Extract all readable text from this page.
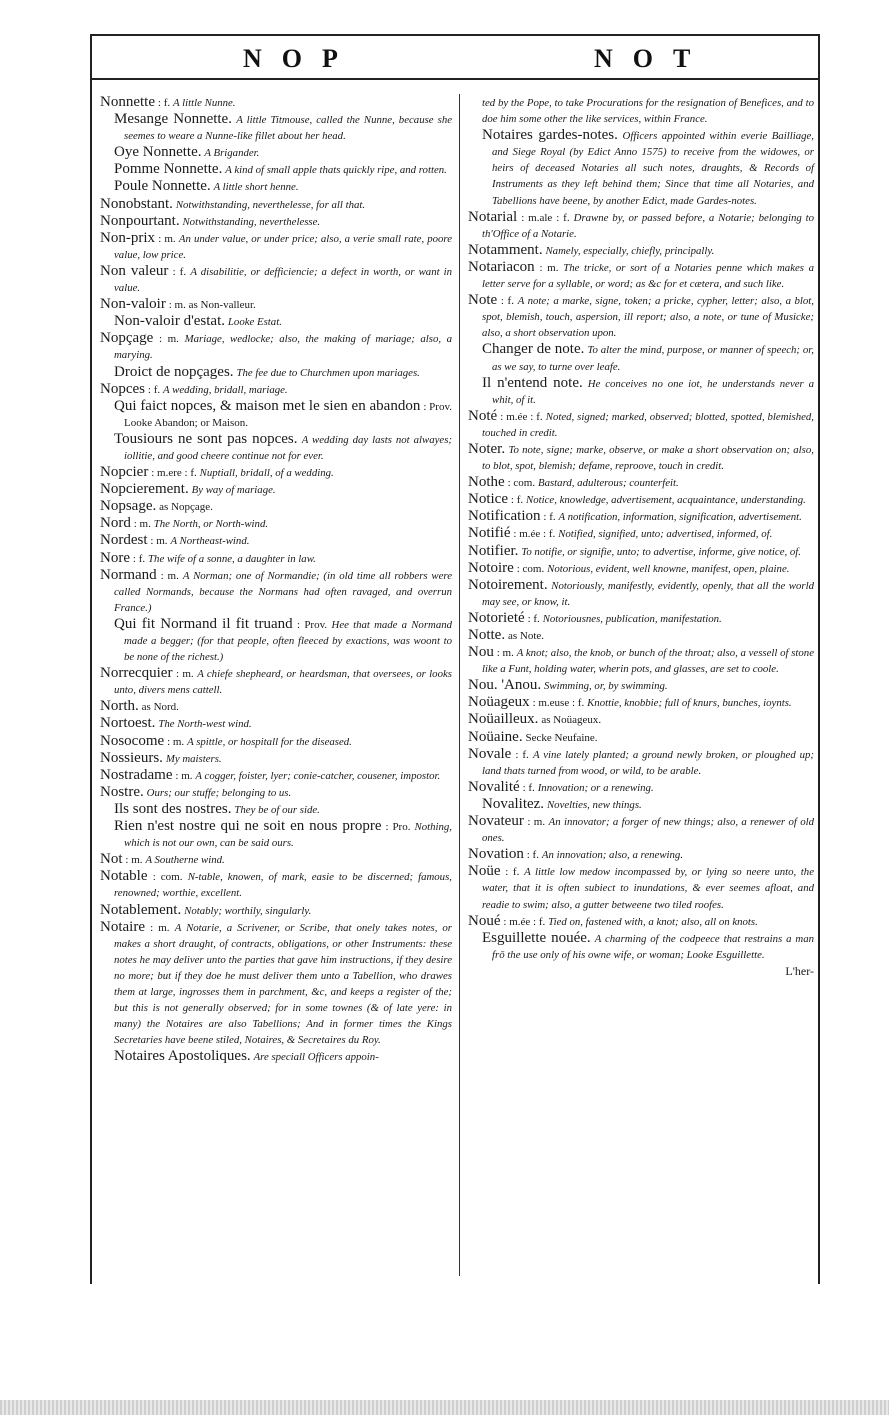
NOP	NOT

Nonnette : f. A little Nunne.

Mesange Nonnette. A little Titmouse, called the Nunne, because she seemes to weare a Nunne-like fillet about her head.

Oye Nonnette. A Brigander.

Pomme Nonnette. A kind of small apple thats quickly ripe, and rotten.

Poule Nonnette. A little short henne.

Nonobstant. Notwithstanding, neverthelesse, for all that.

Nonpourtant. Notwithstanding, neverthelesse.

Non-prix : m. An under value, or under price; also, a verie small rate, poore value, low price.

Non valeur : f. A disabilitie, or defficiencie; a defect in worth, or want in value.

Non-valoir : m. as Non-valleur.

Non-valoir d'estat. Looke Estat.

Nopçage : m. Mariage, wedlocke; also, the making of mariage; also, a marying.

Droict de nopçages. The fee due to Churchmen upon mariages.

Nopces : f. A wedding, bridall, mariage.

Qui faict nopces, & maison met le sien en abandon : Prov. Looke Abandon; or Maison.

Tousiours ne sont pas nopces. A wedding day lasts not alwayes; iollitie, and good cheere continue not for ever.

Nopcier : m.ere : f. Nuptiall, bridall, of a wedding.

Nopcierement. By way of mariage.

Nopsage. as Nopçage.

Nord : m. The North, or North-wind.

Nordest : m. A Northeast-wind.

Nore : f. The wife of a sonne, a daughter in law.

Normand : m. A Norman; one of Normandie; (in old time all robbers were called Normands, because the Normans had often ravaged, and overrun France.)

Qui fit Normand il fit truand : Prov. Hee that made a Normand made a begger; (for that people, often fleeced by exactions, was woont to be none of the richest.)

Norrecquier : m. A chiefe shepheard, or heardsman, that oversees, or looks unto, divers mens cattell.

North. as Nord.

Nortoest. The North-west wind.

Nosocome : m. A spittle, or hospitall for the diseased.

Nossieurs. My maisters.

Nostradame : m. A cogger, foister, lyer; conie-catcher, cousener, impostor.

Nostre. Ours; our stuffe; belonging to us.

Ils sont des nostres. They be of our side.

Rien n'est nostre qui ne soit en nous propre : Pro. Nothing, which is not our own, can be said ours.

Not : m. A Southerne wind.

Notable : com. N-table, knowen, of mark, easie to be discerned; famous, renowned; worthie, excellent.

Notablement. Notably; worthily, singularly.

Notaire : m. A Notarie, a Scrivener, or Scribe, that onely takes notes, or makes a short draught, of contracts, obligations, or other Instruments: these notes he may deliver unto the parties that gave him instructions, if they desire no more; but if they doe he must deliver them unto a Tabellion, who drawes them at large, ingrosses them in parchment, &c, and keeps a register of the; but this is not generally observed; for in some townes (& of late yere: in many) the Notaires are also Tabellions; And in former times the Kings Secretaries have beene stiled, Notaires, & Secretaires du Roy.

Notaires Apostoliques. Are speciall Officers appoin-

ted by the Pope, to take Procurations for the resignation of Benefices, and to doe him some other the like services, within France.

Notaires gardes-notes. Officers appointed within everie Bailliage, and Siege Royal (by Edict Anno 1575) to receive from the widowes, or heirs of deceased Notaries all such notes, draughts, & Records of Instruments as they left behind them; Since that time all Notaries, and Tabellions have beene, by another Edict, made Gardes-notes.

Notarial : m.ale : f. Drawne by, or passed before, a Notarie; belonging to th'Office of a Notarie.

Notamment. Namely, especially, chiefly, principally.

Notariacon : m. The tricke, or sort of a Notaries penne which makes a letter serve for a syllable, or word; as &c for et cætera, and such like.

Note : f. A note; a marke, signe, token; a pricke, cypher, letter; also, a blot, spot, blemish, touch, aspersion, ill report; also, a note, or tune of Musicke; also, a short observation upon.

Changer de note. To alter the mind, purpose, or manner of speech; or, as we say, to turne over leafe.

Il n'entend note. He conceives no one iot, he understands never a whit, of it.

Noté : m.ée : f. Noted, signed; marked, observed; blotted, spotted, blemished, touched in credit.

Noter. To note, signe; marke, observe, or make a short observation on; also, to blot, spot, blemish; defame, reproove, touch in credit.

Nothe : com. Bastard, adulterous; counterfeit.

Notice : f. Notice, knowledge, advertisement, acquaintance, understanding.

Notification : f. A notification, information, signification, advertisement.

Notifié : m.ée : f. Notified, signified, unto; advertised, informed, of.

Notifier. To notifie, or signifie, unto; to advertise, informe, give notice, of.

Notoire : com. Notorious, evident, well knowne, manifest, open, plaine.

Notoirement. Notoriously, manifestly, evidently, openly, that all the world may see, or know, it.

Notorieté : f. Notoriousnes, publication, manifestation.

Notte. as Note.

Nou : m. A knot; also, the knob, or bunch of the throat; also, a vessell of stone like a Funt, holding water, wherin pots, and glasses, are set to coole.

Nou. 'Anou. Swimming, or, by swimming.

Noüageux : m.euse : f. Knottie, knobbie; full of knurs, bunches, ioynts.

Noüailleux. as Noüageux.

Noüaine. Secke Neufaine.

Novale : f. A vine lately planted; a ground newly broken, or ploughed up; land thats turned from wood, or wild, to be arable.

Novalité : f. Innovation; or a renewing.

Novalitez. Novelties, new things.

Novateur : m. An innovator; a forger of new things; also, a renewer of old ones.

Novation : f. An innovation; also, a renewing.

Noüe : f. A little low medow incompassed by, or lying so neere unto, the water, that it is often subiect to inundations, & ever seemes afloat, and readie to swim; also, a gutter betweene two tiled roofes.

Noué : m.ée : f. Tied on, fastened with, a knot; also, all on knots.

Esguillette nouée. A charming of the codpeece that restrains a man frō the use only of his owne wife, or woman; Looke Esguillette.

L'her-
